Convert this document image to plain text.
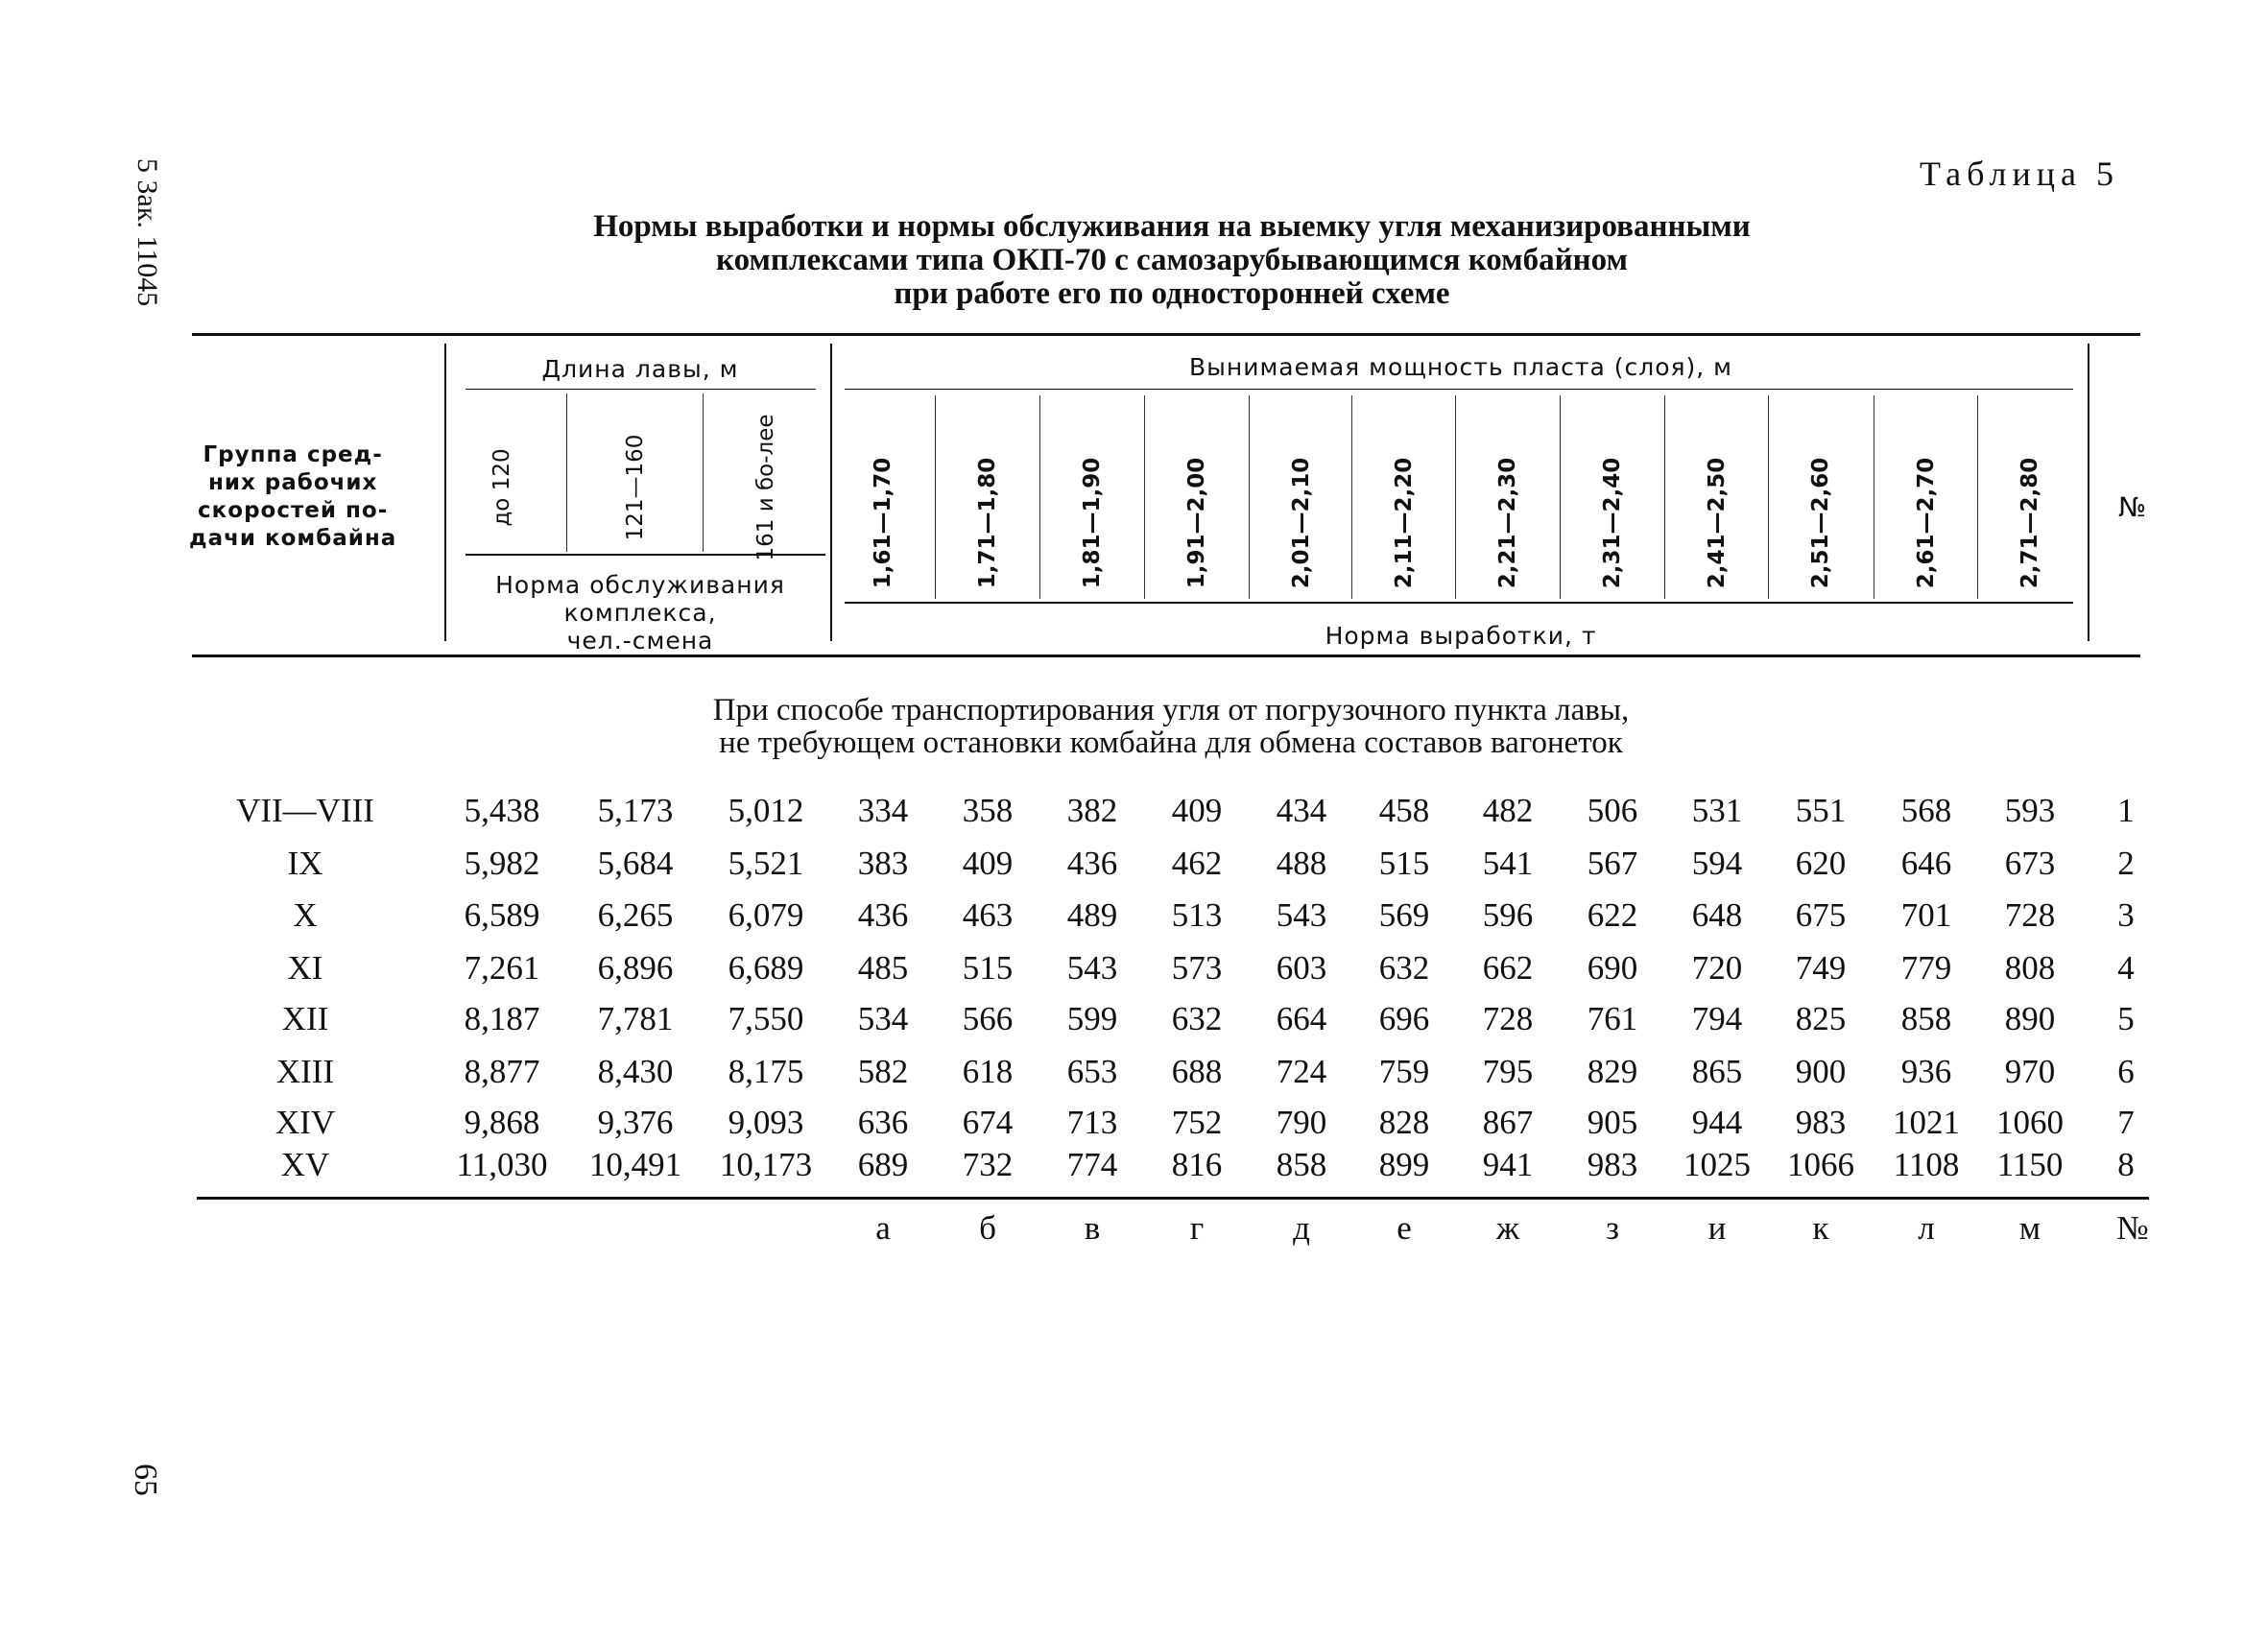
5 Зак. 11045
65
Таблица 5
Нормы выработки и нормы обслуживания на выемку угля механизированными
комплексами типа ОКП-70 с самозарубывающимся комбайном
при работе его по односторонней схеме
Группа сред-
них рабочих
скоростей по-
дачи комбайна
Длина лавы, м
Норма обслуживания
комплекса,
чел.-смена
Вынимаемая мощность пласта (слоя), м
Норма выработки, т
№
до 120	121—160	161 и бо-лее	1,61—1,70	1,71—1,80	1,81—1,90	1,91—2,00	2,01—2,10	2,11—2,20	2,21—2,30	2,31—2,40	2,41—2,50	2,51—2,60	2,61—2,70	2,71—2,80
При способе транспортирования угля от погрузочного пункта лавы,
не требующем остановки комбайна для обмена составов вагонеток
VII—VIII	5,438 5,173 5,012 334 358 382 409 434 458 482 506 531 551 568 593 1
IX	5,982 5,684 5,521 383 409 436 462 488 515 541 567 594 620 646 673 2
X	6,589 6,265 6,079 436 463 489 513 543 569 596 622 648 675 701 728 3
XI	7,261 6,896 6,689 485 515 543 573 603 632 662 690 720 749 779 808 4
XII	8,187 7,781 7,550 534 566 599 632 664 696 728 761 794 825 858 890 5
XIII	8,877 8,430 8,175 582 618 653 688 724 759 795 829 865 900 936 970 6
XIV	9,868 9,376 9,093 636 674 713 752 790 828 867 905 944 983 1021 1060 7
XV	11,030 10,491 10,173 689 732 774 816 858 899 941 983 1025 1066 1108 1150 8
а	б	в	г	д	е	ж	з	и	к	л	м №
